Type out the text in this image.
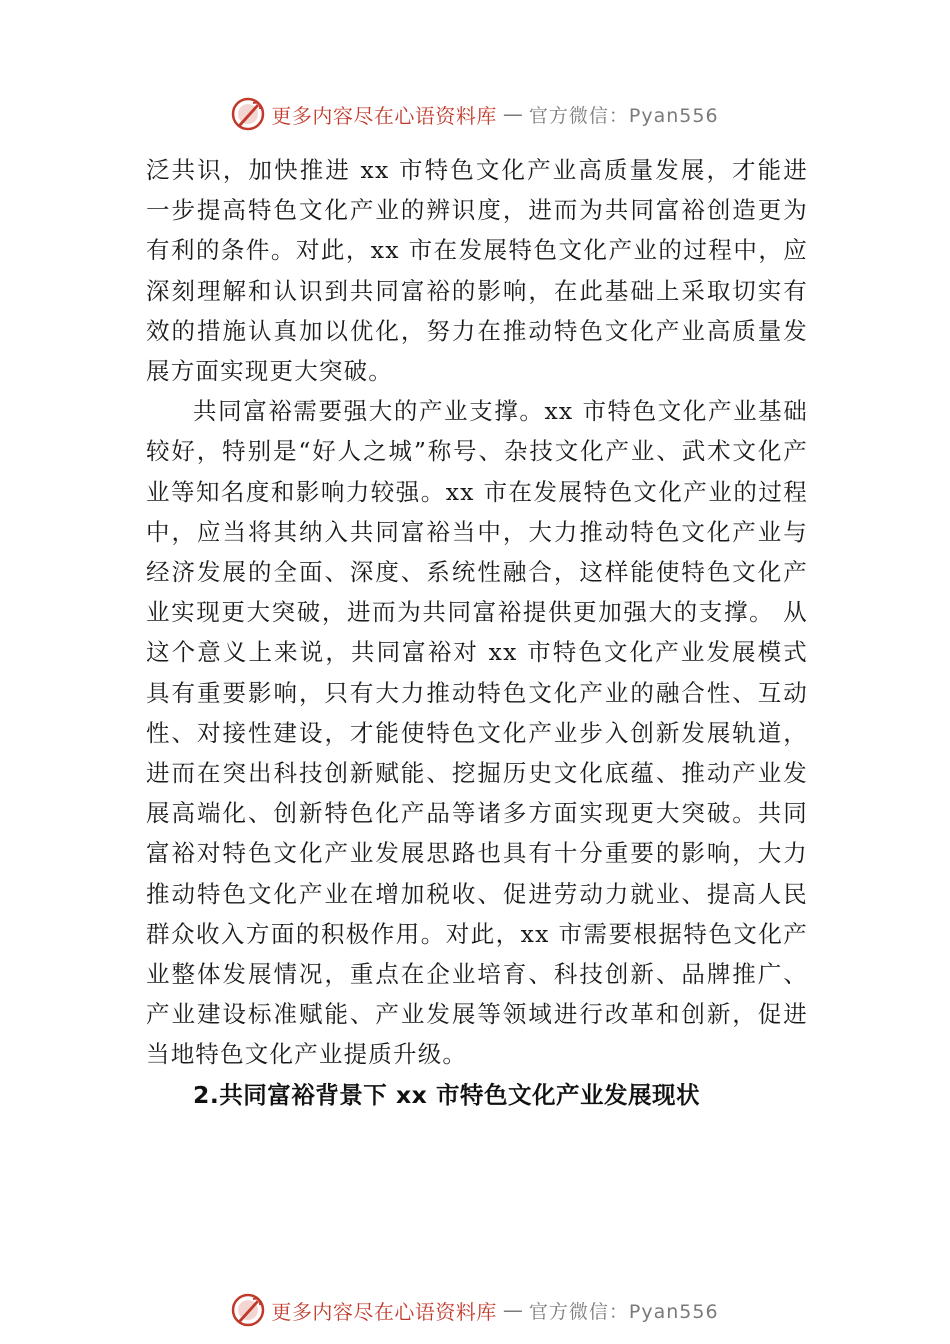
更多内容尽在心语资料库 — 官方微信：Pyan556

泛共识，加快推进 xx 市特色文化产业高质量发展，才能进一步提高特色文化产业的辨识度，进而为共同富裕创造更为有利的条件。对此，xx 市在发展特色文化产业的过程中，应深刻理解和认识到共同富裕的影响，在此基础上采取切实有效的措施认真加以优化，努力在推动特色文化产业高质量发展方面实现更大突破。

共同富裕需要强大的产业支撑。xx 市特色文化产业基础较好，特别是“好人之城”称号、杂技文化产业、武术文化产业等知名度和影响力较强。xx 市在发展特色文化产业的过程中，应当将其纳入共同富裕当中，大力推动特色文化产业与经济发展的全面、深度、系统性融合，这样能使特色文化产业实现更大突破，进而为共同富裕提供更加强大的支撑。 从这个意义上来说，共同富裕对 xx 市特色文化产业发展模式具有重要影响，只有大力推动特色文化产业的融合性、互动性、对接性建设，才能使特色文化产业步入创新发展轨道， 进而在突出科技创新赋能、挖掘历史文化底蕴、推动产业发展高端化、创新特色化产品等诸多方面实现更大突破。共同富裕对特色文化产业发展思路也具有十分重要的影响，大力推动特色文化产业在增加税收、促进劳动力就业、提高人民群众收入方面的积极作用。对此，xx 市需要根据特色文化产业整体发展情况，重点在企业培育、科技创新、品牌推广、 产业建设标准赋能、产业发展等领域进行改革和创新，促进当地特色文化产业提质升级。

2.共同富裕背景下 xx 市特色文化产业发展现状

更多内容尽在心语资料库 — 官方微信：Pyan556
